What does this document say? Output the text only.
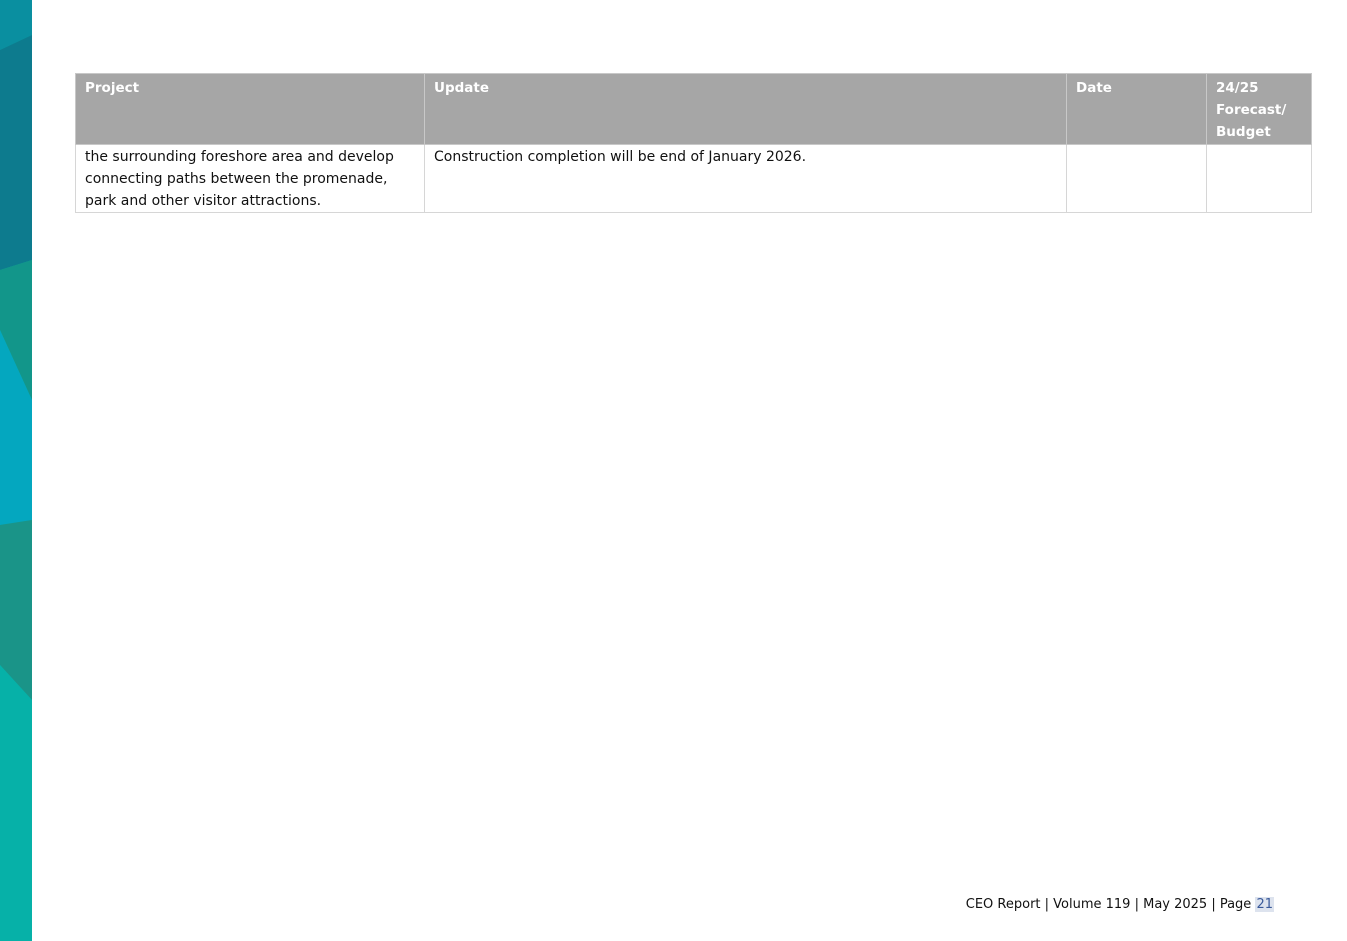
Project	Update	Date	24/25
Forecast/
Budget
the surrounding foreshore area and develop connecting paths between the promenade, park and other visitor attractions.	Construction completion will be end of January 2026.		
CEO Report | Volume 119 | May 2025 | Page 21
